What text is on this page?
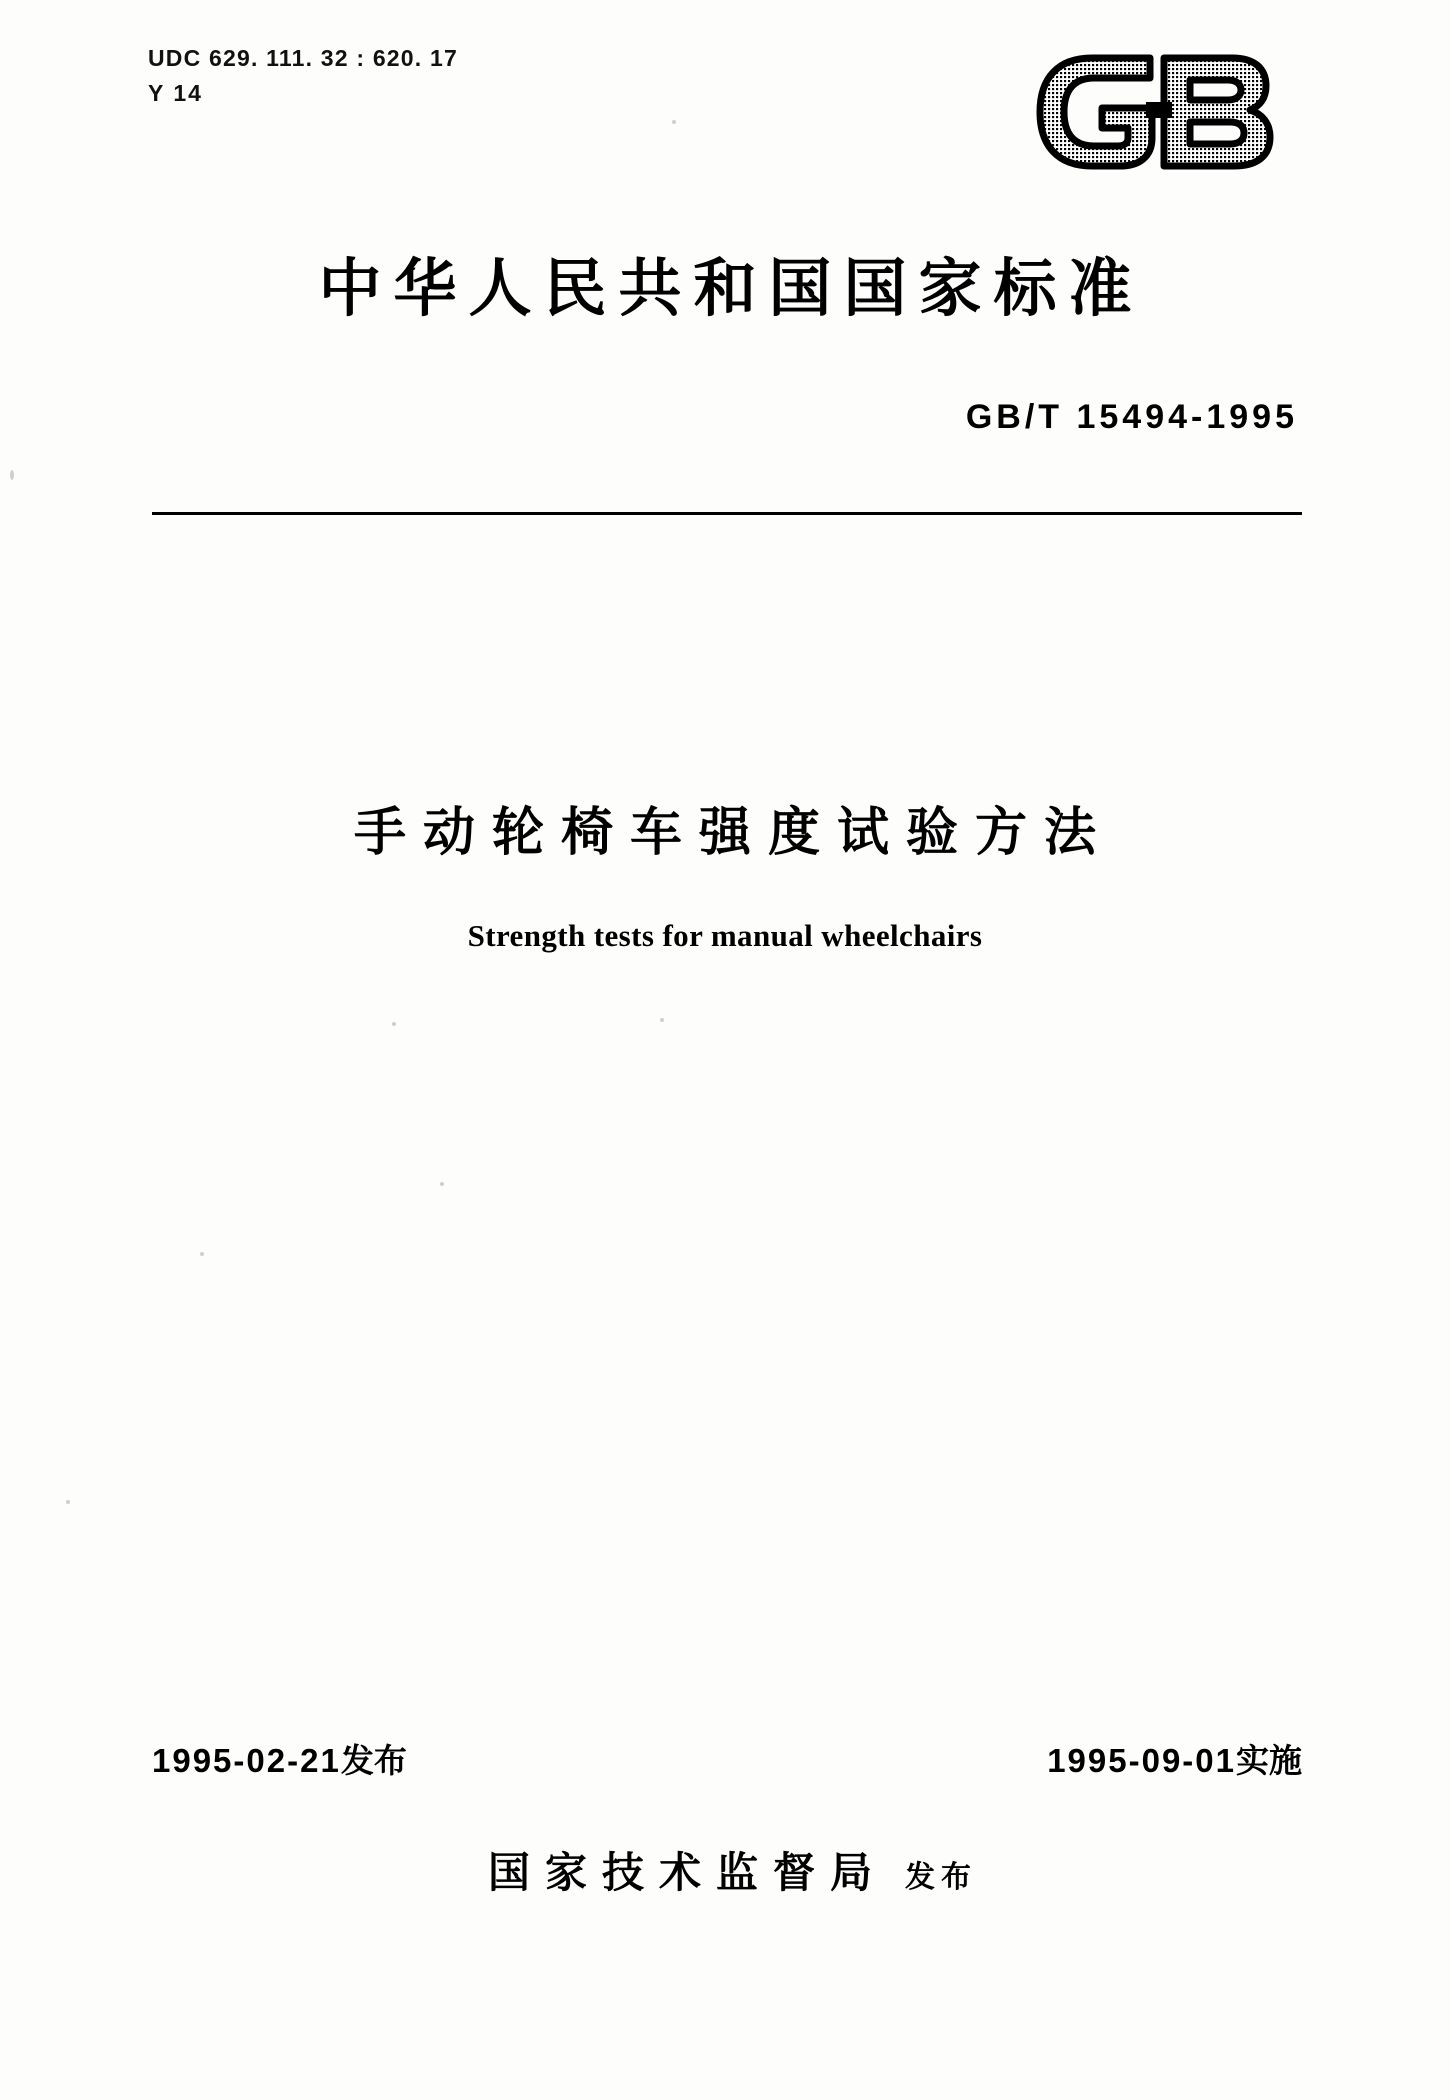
UDC 629. 111. 32 : 620. 17
Y 14
中华人民共和国国家标准
GB/T 15494-1995
手动轮椅车强度试验方法
Strength tests for manual wheelchairs
1995-02-21发布	1995-09-01实施
国家技术监督局 发布
